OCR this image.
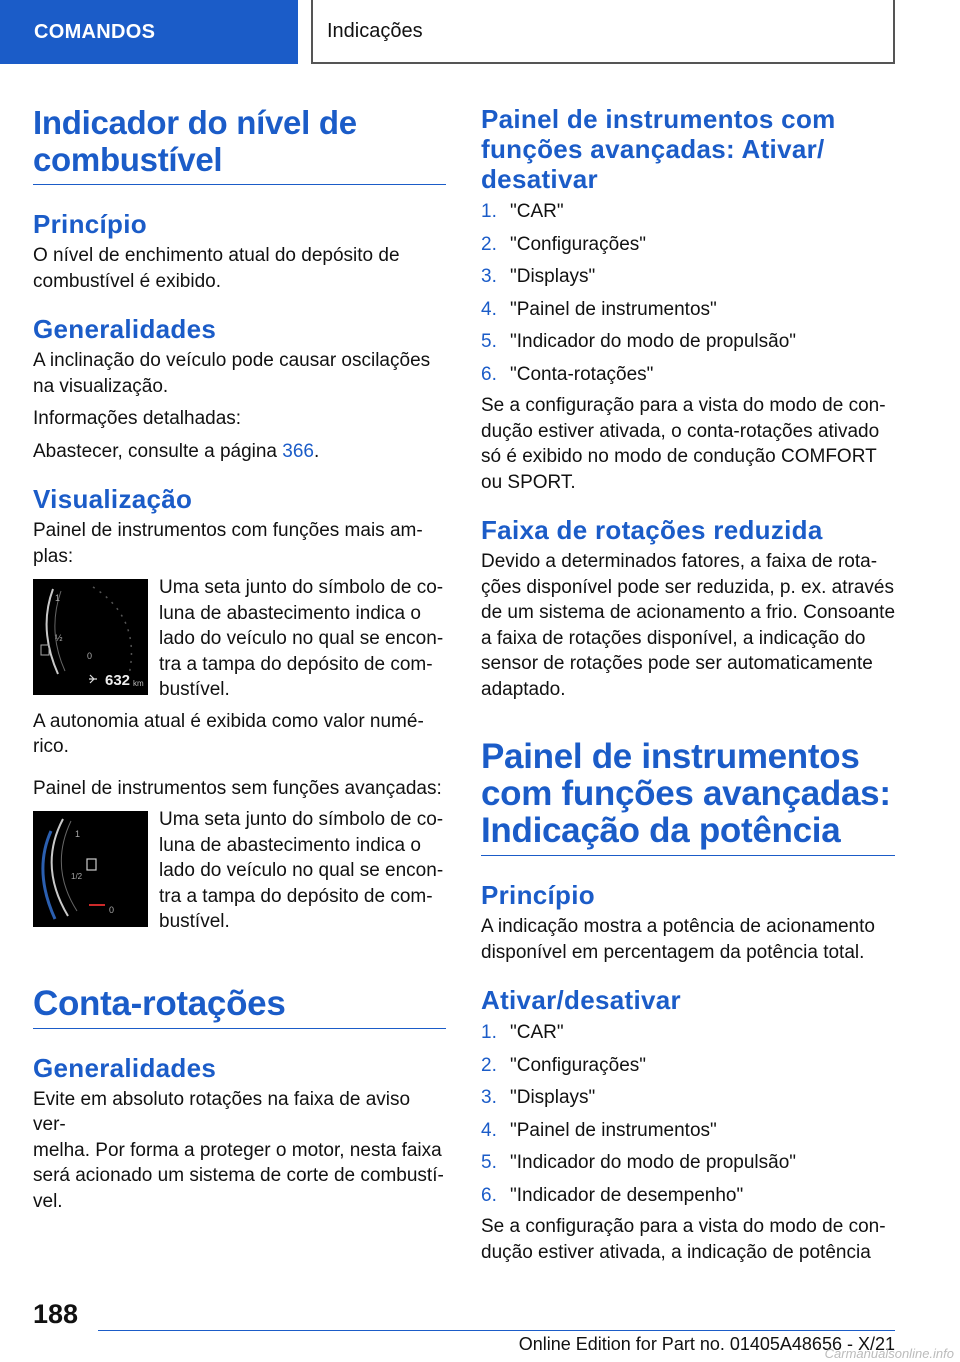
COMANDOS	Indicações
Indicador do nível de
combustível
Princípio

O nível de enchimento atual do depósito de
combustível é exibido.

Generalidades

A inclinação do veículo pode causar oscilações
na visualização.

Informações detalhadas:

Abastecer, consulte a página 366.

Visualização

Painel de instrumentos com funções mais am-
plas:

1
½
0
632 km

Uma seta junto do símbolo de co-
luna de abastecimento indica o
lado do veículo no qual se encon-
tra a tampa do depósito de com-
bustível.

A autonomia atual é exibida como valor numé-
rico.

Painel de instrumentos sem funções avançadas:

1
1/2
0

Uma seta junto do símbolo de co-
luna de abastecimento indica o
lado do veículo no qual se encon-
tra a tampa do depósito de com-
bustível.

Conta-rotações
Generalidades

Evite em absoluto rotações na faixa de aviso ver-
melha. Por forma a proteger o motor, nesta faixa
será acionado um sistema de corte de combustí-
vel.

Painel de instrumentos com
funções avançadas: Ativar/
desativar
1. "CAR"
2. "Configurações"
3. "Displays"
4. "Painel de instrumentos"
5. "Indicador do modo de propulsão"
6. "Conta-rotações"

Se a configuração para a vista do modo de con-
dução estiver ativada, o conta-rotações ativado
só é exibido no modo de condução COMFORT
ou SPORT.

Faixa de rotações reduzida

Devido a determinados fatores, a faixa de rota-
ções disponível pode ser reduzida, p. ex. através
de um sistema de acionamento a frio. Consoante
a faixa de rotações disponível, a indicação do
sensor de rotações pode ser automaticamente
adaptado.

Painel de instrumentos
com funções avançadas:
Indicação da potência
Princípio

A indicação mostra a potência de acionamento
disponível em percentagem da potência total.

Ativar/desativar
1. "CAR"
2. "Configurações"
3. "Displays"
4. "Painel de instrumentos"
5. "Indicador do modo de propulsão"
6. "Indicador de desempenho"

Se a configuração para a vista do modo de con-
dução estiver ativada, a indicação de potência

188
Online Edition for Part no. 01405A48656 - X/21
Carmanualsonline.info
